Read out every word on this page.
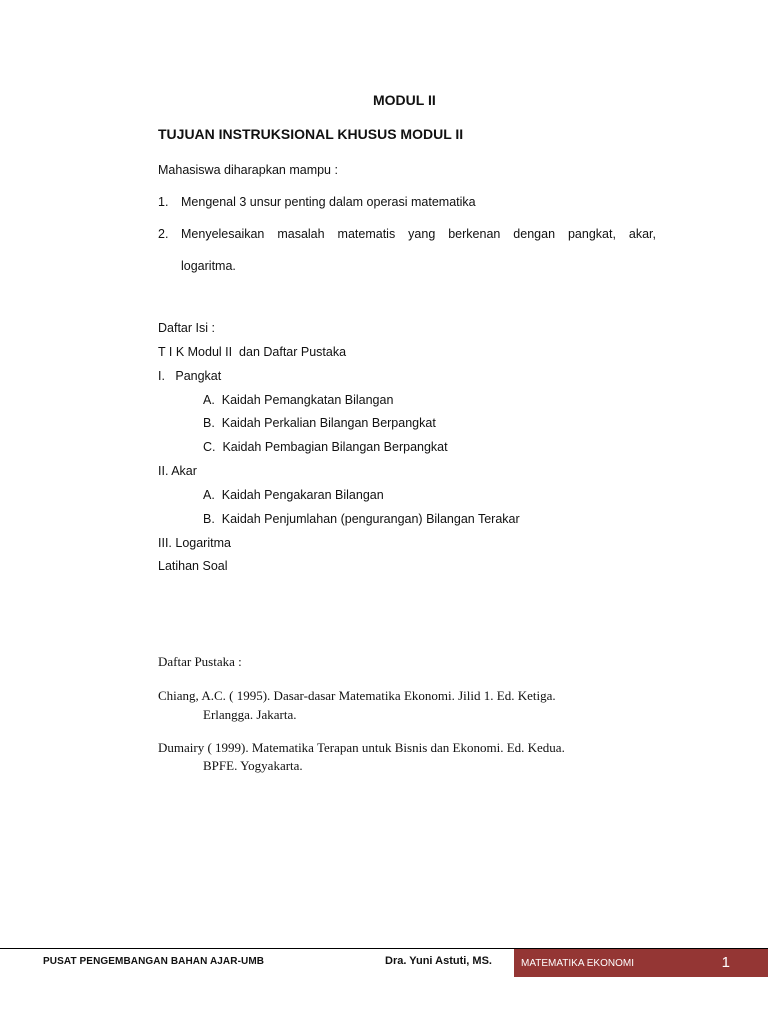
MODUL II
TUJUAN INSTRUKSIONAL KHUSUS MODUL II
Mahasiswa diharapkan mampu :
1. Mengenal 3 unsur penting dalam operasi matematika
2. Menyelesaikan masalah matematis yang berkenan dengan pangkat, akar,
logaritma.
Daftar Isi :
T I K Modul II  dan Daftar Pustaka
I.   Pangkat
A.  Kaidah Pemangkatan Bilangan
B.  Kaidah Perkalian Bilangan Berpangkat
C.  Kaidah Pembagian Bilangan Berpangkat
II. Akar
A.  Kaidah Pengakaran Bilangan
B.  Kaidah Penjumlahan (pengurangan) Bilangan Terakar
III. Logaritma
Latihan Soal
Daftar Pustaka :
Chiang, A.C. ( 1995). Dasar-dasar Matematika Ekonomi. Jilid 1. Ed. Ketiga.
Erlangga. Jakarta.
Dumairy ( 1999). Matematika Terapan untuk Bisnis dan Ekonomi. Ed. Kedua.
BPFE. Yogyakarta.
PUSAT PENGEMBANGAN BAHAN AJAR-UMB	Dra. Yuni Astuti, MS.	MATEMATIKA EKONOMI	1
